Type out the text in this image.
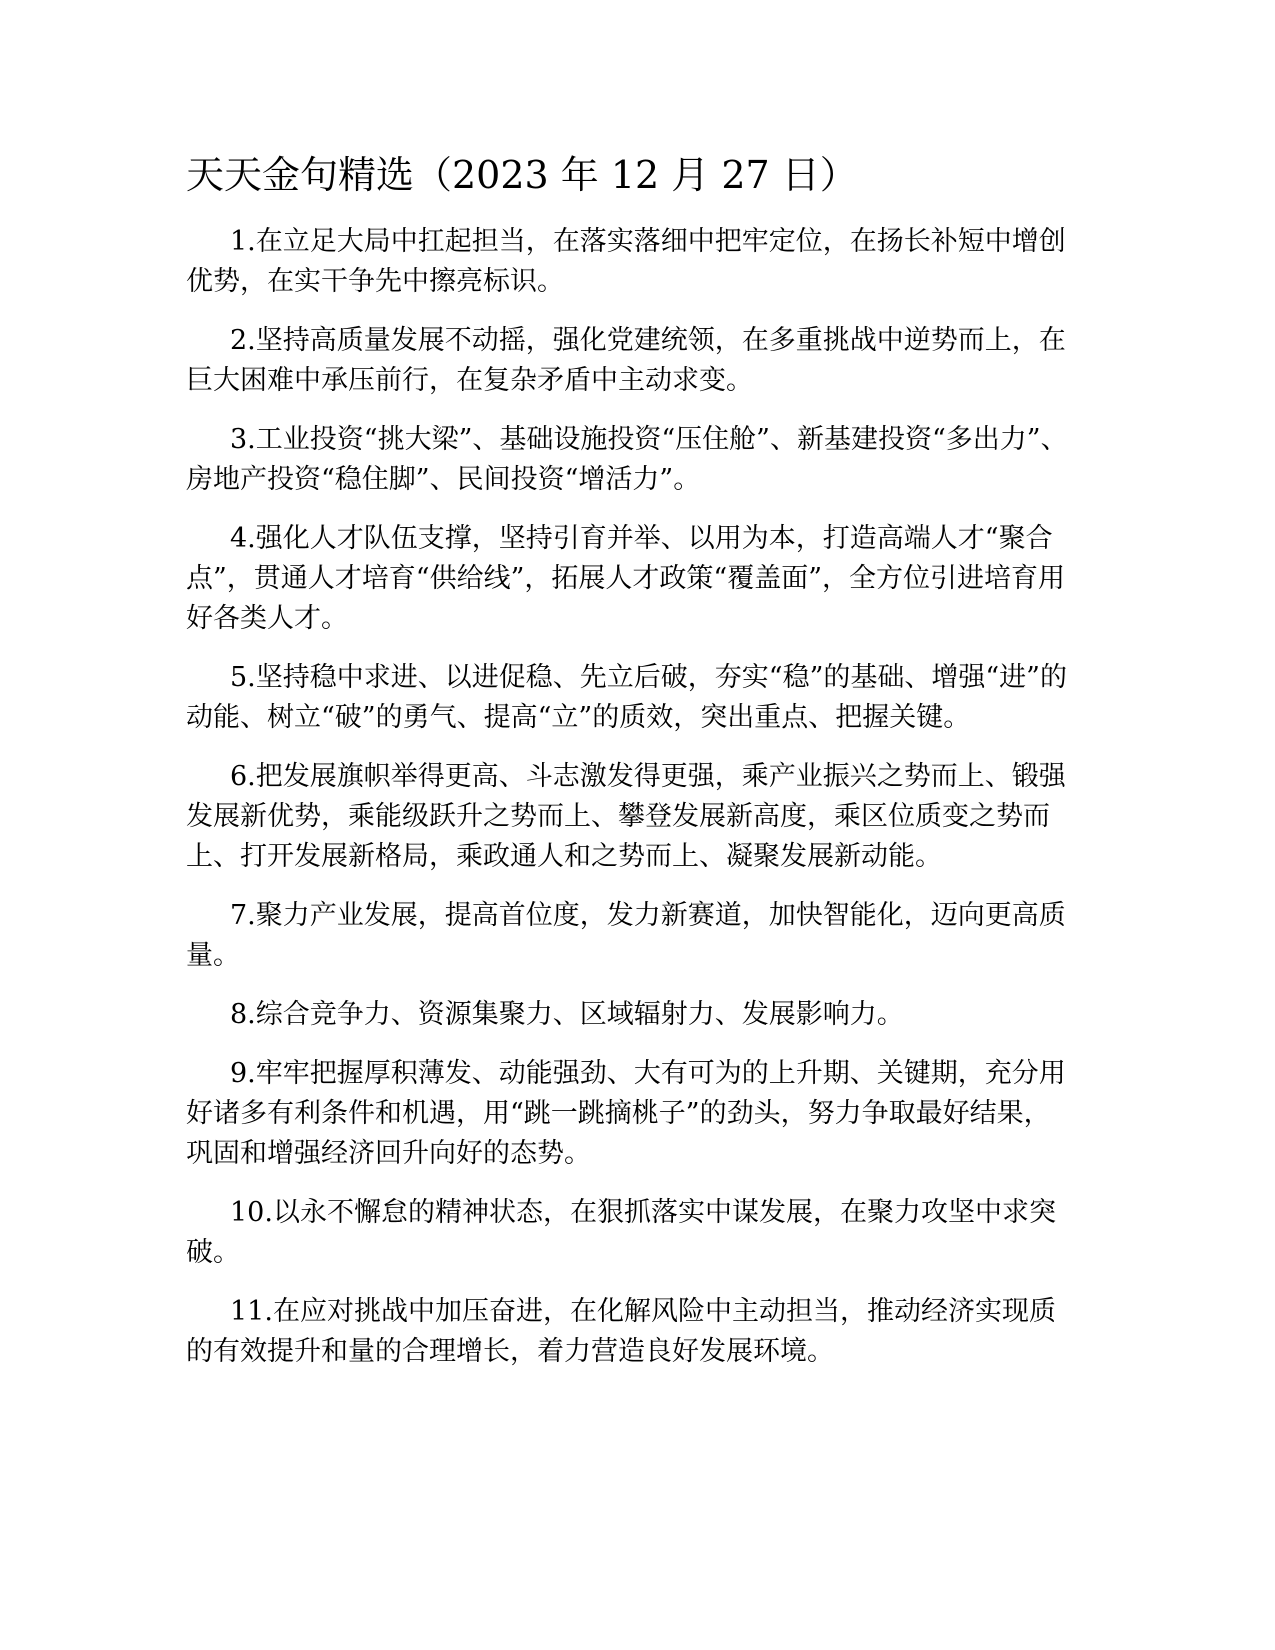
天天金句精选（2023 年 12 月 27 日）

1.在立足大局中扛起担当，在落实落细中把牢定位，在扬长补短中增创优势，在实干争先中擦亮标识。

2.坚持高质量发展不动摇，强化党建统领，在多重挑战中逆势而上，在巨大困难中承压前行，在复杂矛盾中主动求变。

3.工业投资“挑大梁”、基础设施投资“压住舱”、新基建投资“多出力”、房地产投资“稳住脚”、民间投资“增活力”。

4.强化人才队伍支撑，坚持引育并举、以用为本，打造高端人才“聚合点”，贯通人才培育“供给线”，拓展人才政策“覆盖面”，全方位引进培育用好各类人才。

5.坚持稳中求进、以进促稳、先立后破，夯实“稳”的基础、增强“进”的动能、树立“破”的勇气、提高“立”的质效，突出重点、把握关键。

6.把发展旗帜举得更高、斗志激发得更强，乘产业振兴之势而上、锻强发展新优势，乘能级跃升之势而上、攀登发展新高度，乘区位质变之势而上、打开发展新格局，乘政通人和之势而上、凝聚发展新动能。

7.聚力产业发展，提高首位度，发力新赛道，加快智能化，迈向更高质量。

8.综合竞争力、资源集聚力、区域辐射力、发展影响力。

9.牢牢把握厚积薄发、动能强劲、大有可为的上升期、关键期，充分用好诸多有利条件和机遇，用“跳一跳摘桃子”的劲头，努力争取最好结果，巩固和增强经济回升向好的态势。

10.以永不懈怠的精神状态，在狠抓落实中谋发展，在聚力攻坚中求突破。

11.在应对挑战中加压奋进，在化解风险中主动担当，推动经济实现质的有效提升和量的合理增长，着力营造良好发展环境。
